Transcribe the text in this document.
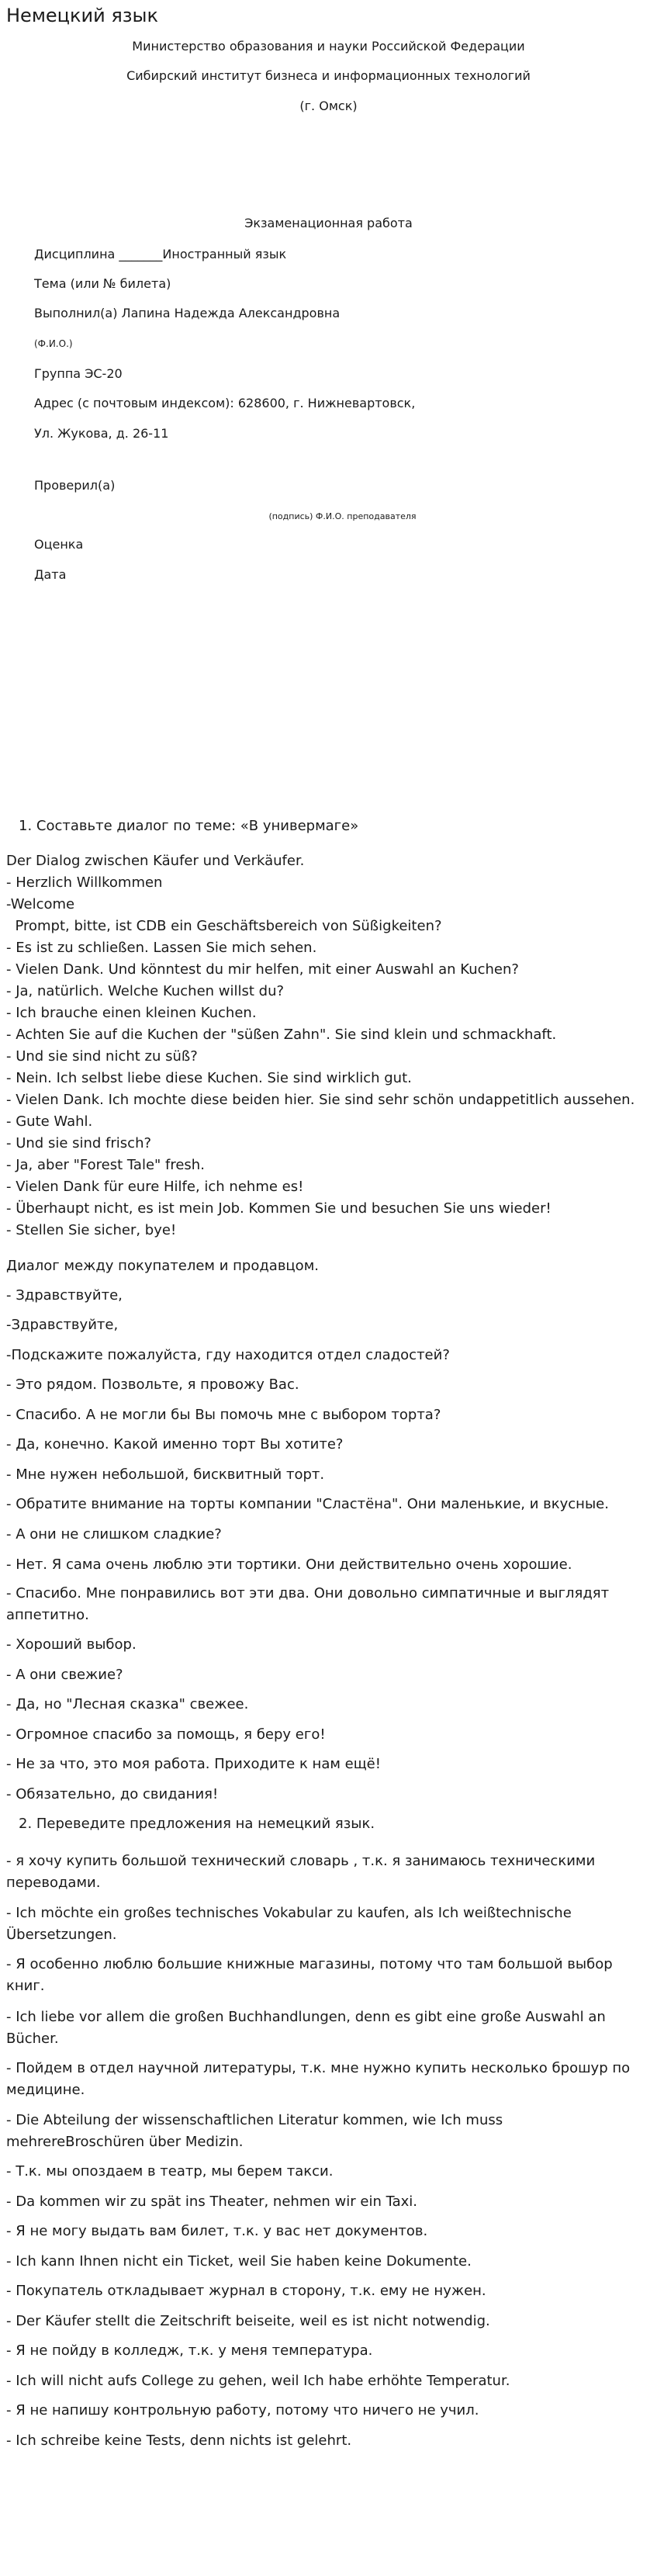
Немецкий язык
Министерство образования и науки Российской Федерации
Сибирский институт бизнеса и информационных технологий
(г. Омск)
Экзаменационная работа
Дисциплина _______Иностранный язык
Тема (или № билета)
Выполнил(а) Лапина Надежда Александровна
(Ф.И.О.)
Группа ЭС-20
Адрес (с почтовым индексом): 628600, г. Нижневартовск,
Ул. Жукова, д. 26-11
Проверил(а)
(подпись) Ф.И.О. преподавателя
Оценка
Дата
1. Составьте диалог по теме: «В универмаге»
Der Dialog zwischen Käufer und Verkäufer.
- Herzlich Willkommen
-Welcome
Prompt, bitte, ist CDB ein Geschäftsbereich von Süßigkeiten?
- Es ist zu schließen. Lassen Sie mich sehen.
- Vielen Dank. Und könntest du mir helfen, mit einer Auswahl an Kuchen?
- Ja, natürlich. Welche Kuchen willst du?
- Ich brauche einen kleinen Kuchen.
- Achten Sie auf die Kuchen der "süßen Zahn". Sie sind klein und schmackhaft.
- Und sie sind nicht zu süß?
- Nein. Ich selbst liebe diese Kuchen. Sie sind wirklich gut.
- Vielen Dank. Ich mochte diese beiden hier. Sie sind sehr schön undappetitlich aussehen.
- Gute Wahl.
- Und sie sind frisch?
- Ja, aber "Forest Tale" fresh.
- Vielen Dank für eure Hilfe, ich nehme es!
- Überhaupt nicht, es ist mein Job. Kommen Sie und besuchen Sie uns wieder!
- Stellen Sie sicher, bye!
Диалог между покупателем и продавцом.
- Здравствуйте,
-Здравствуйте,
-Подскажите пожалуйста, гду находится отдел сладостей?
- Это рядом. Позвольте, я провожу Вас.
- Спасибо. А не могли бы Вы помочь мне с выбором торта?
- Да, конечно. Какой именно торт Вы хотите?
- Мне нужен небольшой, бисквитный торт.
- Обратите внимание на торты компании "Сластёна". Они маленькие, и вкусные.
- А они не слишком сладкие?
- Нет. Я сама очень люблю эти тортики. Они действительно очень хорошие.
- Спасибо. Мне понравились вот эти два. Они довольно симпатичные и выглядят аппетитно.
- Хороший выбор.
- А они свежие?
- Да, но "Лесная сказка" свежее.
- Огромное спасибо за помощь, я беру его!
- Не за что, это моя работа. Приходите к нам ещё!
- Обязательно, до свидания!
2. Переведите предложения на немецкий язык.
- я хочу купить большой технический словарь , т.к. я занимаюсь техническими переводами.
- Ich möchte ein großes technisches Vokabular zu kaufen, als Ich weißtechnische Übersetzungen.
- Я особенно люблю большие книжные магазины, потому что там большой выбор книг.
- Ich liebe vor allem die großen Buchhandlungen, denn es gibt eine große Auswahl an Bücher.
- Пойдем в отдел научной литературы, т.к. мне нужно купить несколько брошур по медицине.
- Die Abteilung der wissenschaftlichen Literatur kommen, wie Ich muss mehrereBroschüren über Medizin.
- Т.к. мы опоздаем в театр, мы берем такси.
- Da kommen wir zu spät ins Theater, nehmen wir ein Taxi.
- Я не могу выдать вам билет, т.к. у вас нет документов.
- Ich kann Ihnen nicht ein Ticket, weil Sie haben keine Dokumente.
- Покупатель откладывает журнал в сторону, т.к. ему не нужен.
- Der Käufer stellt die Zeitschrift beiseite, weil es ist nicht notwendig.
- Я не пойду в колледж, т.к. у меня температура.
- Ich will nicht aufs College zu gehen, weil Ich habe erhöhte Temperatur.
- Я не напишу контрольную работу, потому что ничего не учил.
- Ich schreibe keine Tests, denn nichts ist gelehrt.
